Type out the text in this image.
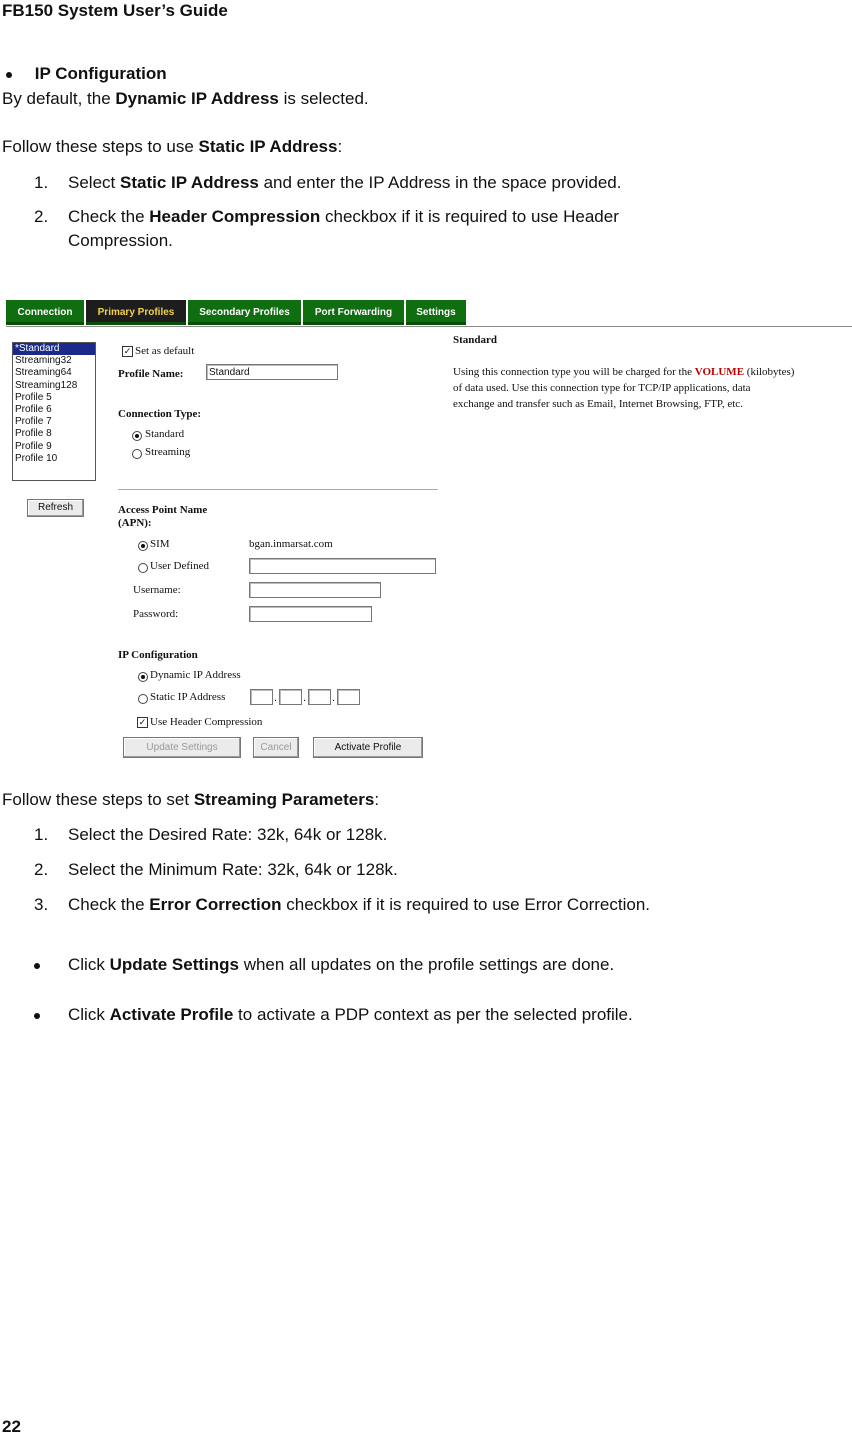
FB150 System User’s Guide
IP Configuration
By default, the Dynamic IP Address is selected.
Follow these steps to use Static IP Address:
1. Select Static IP Address and enter the IP Address in the space provided.
2. Check the Header Compression checkbox if it is required to use Header
Compression.
Connection	Primary Profiles	Secondary Profiles	Port Forwarding	Settings
*Standard
Streaming32
Streaming64
Streaming128
Profile 5
Profile 6
Profile 7
Profile 8
Profile 9
Profile 10
Refresh
✓ Set as default
Profile Name:	Standard
Connection Type:
Standard
Streaming
Access Point Name
(APN):
SIM	bgan.inmarsat.com
User Defined
Username:
Password:
IP Configuration
Dynamic IP Address
Static IP Address	. . .
✓ Use Header Compression
Update Settings	Cancel	Activate Profile
Standard
Using this connection type you will be charged for the VOLUME (kilobytes)
of data used. Use this connection type for TCP/IP applications, data
exchange and transfer such as Email, Internet Browsing, FTP, etc.
Follow these steps to set Streaming Parameters:
1. Select the Desired Rate: 32k, 64k or 128k.
2. Select the Minimum Rate: 32k, 64k or 128k.
3. Check the Error Correction checkbox if it is required to use Error Correction.
Click Update Settings when all updates on the profile settings are done.
Click Activate Profile to activate a PDP context as per the selected profile.
22
